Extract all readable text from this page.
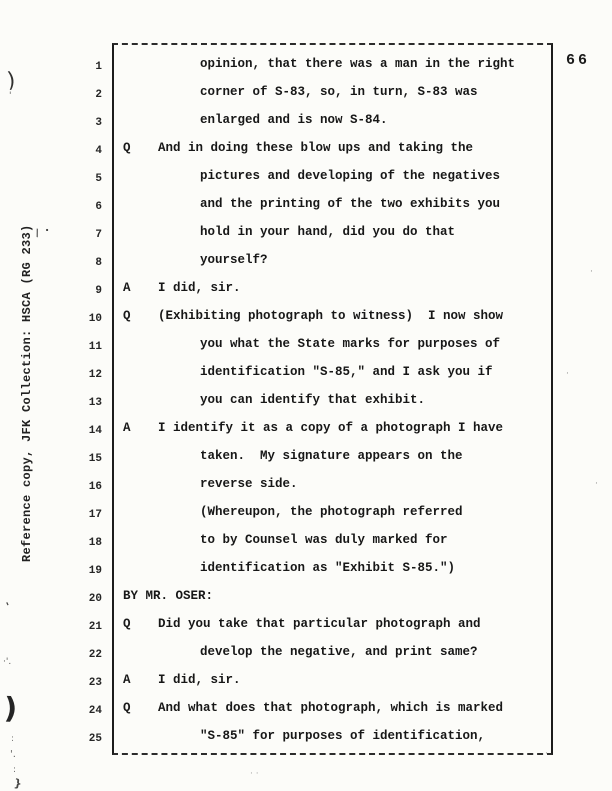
Reference copy, JFK Collection: HSCA (RG 233)
66
1	opinion, that there was a man in the right
2	corner of S-83, so, in turn, S-83 was
3	enlarged and is now S-84.
4 Q And in doing these blow ups and taking the
5	pictures and developing of the negatives
6	and the printing of the two exhibits you
7	hold in your hand, did you do that
8	yourself?
9 A I did, sir.
10 Q (Exhibiting photograph to witness)  I now show
11	you what the State marks for purposes of
12	identification "S-85," and I ask you if
13	you can identify that exhibit.
14 A I identify it as a copy of a photograph I have
15	taken.  My signature appears on the
16	reverse side.
17	(Whereupon, the photograph referred
18	to by Counsel was duly marked for
19	identification as "Exhibit S-85.")
20 BY MR. OSER:
21 Q Did you take that particular photograph and
22	develop the negative, and print same?
23 A I did, sir.
24 Q And what does that photograph, which is marked
25	"S-85" for purposes of identification,
)
'
\ .
'
·'.
)
:
'.
:
}
·
·
·
·
· ·
